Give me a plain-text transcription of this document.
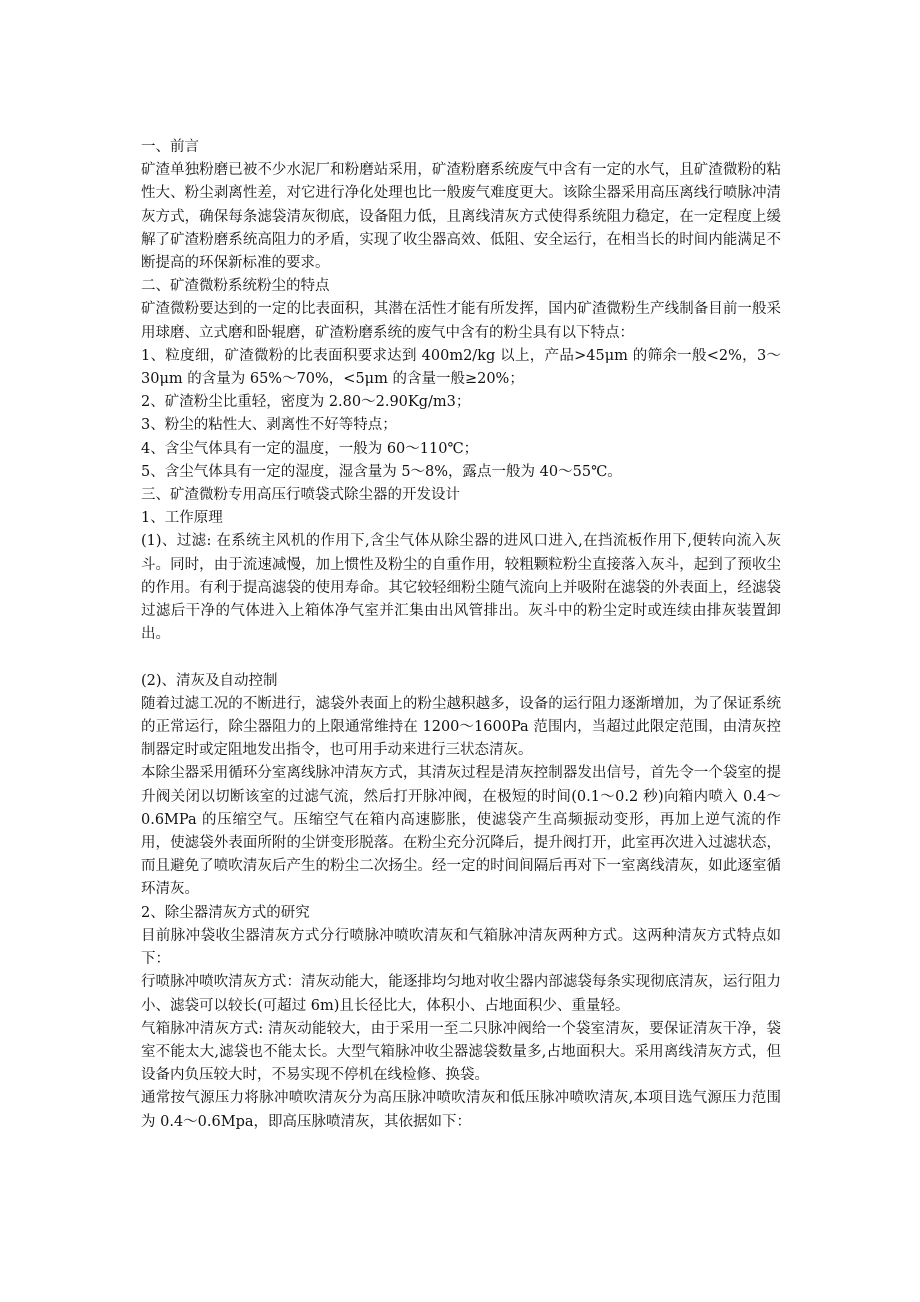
一、前言

矿渣单独粉磨已被不少水泥厂和粉磨站采用，矿渣粉磨系统废气中含有一定的水气，且矿渣微粉的粘性大、粉尘剥离性差，对它进行净化处理也比一般废气难度更大。该除尘器采用高压离线行喷脉冲清灰方式，确保每条滤袋清灰彻底，设备阻力低，且离线清灰方式使得系统阻力稳定，在一定程度上缓解了矿渣粉磨系统高阻力的矛盾，实现了收尘器高效、低阻、安全运行，在相当长的时间内能满足不断提高的环保新标准的要求。

二、矿渣微粉系统粉尘的特点

矿渣微粉要达到的一定的比表面积，其潜在活性才能有所发挥，国内矿渣微粉生产线制备目前一般采用球磨、立式磨和卧辊磨，矿渣粉磨系统的废气中含有的粉尘具有以下特点：

1、粒度细，矿渣微粉的比表面积要求达到 400m2/kg 以上，产品>45μm 的筛余一般<2%，3～30μm 的含量为 65%～70%，<5μm 的含量一般≥20%；

2、矿渣粉尘比重轻，密度为 2.80～2.90Kg/m3；

3、粉尘的粘性大、剥离性不好等特点；

4、含尘气体具有一定的温度，一般为 60～110℃；

5、含尘气体具有一定的湿度，湿含量为 5～8%，露点一般为 40～55℃。

三、矿渣微粉专用高压行喷袋式除尘器的开发设计

1、工作原理

(1)、过滤: 在系统主风机的作用下,含尘气体从除尘器的进风口进入,在挡流板作用下,便转向流入灰斗。同时，由于流速减慢，加上惯性及粉尘的自重作用，较粗颗粒粉尘直接落入灰斗，起到了预收尘的作用。有利于提高滤袋的使用寿命。其它较轻细粉尘随气流向上并吸附在滤袋的外表面上，经滤袋过滤后干净的气体进入上箱体净气室并汇集由出风管排出。灰斗中的粉尘定时或连续由排灰装置卸出。

(2)、清灰及自动控制

随着过滤工况的不断进行，滤袋外表面上的粉尘越积越多，设备的运行阻力逐渐增加，为了保证系统的正常运行，除尘器阻力的上限通常维持在 1200～1600Pa 范围内，当超过此限定范围，由清灰控制器定时或定阻地发出指令，也可用手动来进行三状态清灰。

本除尘器采用循环分室离线脉冲清灰方式，其清灰过程是清灰控制器发出信号，首先令一个袋室的提升阀关闭以切断该室的过滤气流，然后打开脉冲阀，在极短的时间(0.1～0.2 秒)向箱内喷入 0.4～0.6MPa 的压缩空气。压缩空气在箱内高速膨胀，使滤袋产生高频振动变形，再加上逆气流的作用，使滤袋外表面所附的尘饼变形脱落。在粉尘充分沉降后，提升阀打开，此室再次进入过滤状态，而且避免了喷吹清灰后产生的粉尘二次扬尘。经一定的时间间隔后再对下一室离线清灰，如此逐室循环清灰。

2、除尘器清灰方式的研究

目前脉冲袋收尘器清灰方式分行喷脉冲喷吹清灰和气箱脉冲清灰两种方式。这两种清灰方式特点如下：

行喷脉冲喷吹清灰方式：清灰动能大，能逐排均匀地对收尘器内部滤袋每条实现彻底清灰，运行阻力小、滤袋可以较长(可超过 6m)且长径比大，体积小、占地面积少、重量轻。

气箱脉冲清灰方式: 清灰动能较大，由于采用一至二只脉冲阀给一个袋室清灰，要保证清灰干净，袋室不能太大,滤袋也不能太长。大型气箱脉冲收尘器滤袋数量多,占地面积大。采用离线清灰方式，但设备内负压较大时，不易实现不停机在线检修、换袋。

通常按气源压力将脉冲喷吹清灰分为高压脉冲喷吹清灰和低压脉冲喷吹清灰,本项目选气源压力范围为 0.4～0.6Mpa，即高压脉喷清灰，其依据如下：
